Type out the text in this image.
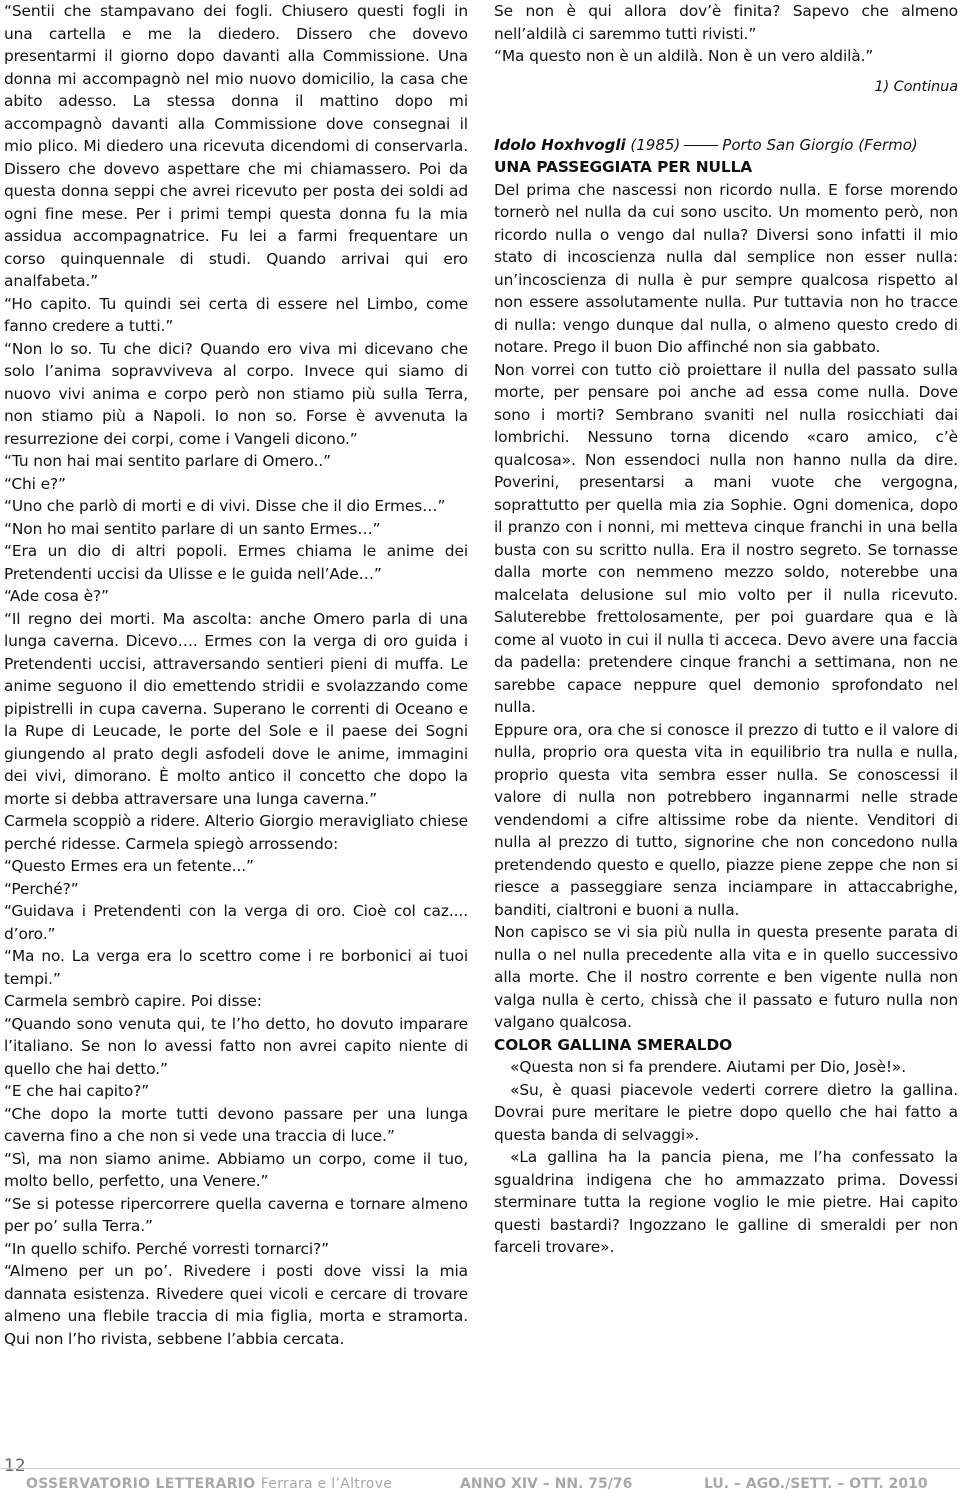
“Sentii che stampavano dei fogli. Chiusero questi fogli in una cartella e me la diedero. Dissero che dovevo presentarmi il giorno dopo davanti alla Commissione. Una donna mi accompagnò nel mio nuovo domicilio, la casa che abito adesso. La stessa donna il mattino dopo mi accompagnò davanti alla Commissione dove consegnai il mio plico. Mi diedero una ricevuta dicendomi di conservarla. Dissero che dovevo aspettare che mi chiamassero. Poi da questa donna seppi che avrei ricevuto per posta dei soldi ad ogni fine mese. Per i primi tempi questa donna fu la mia assidua accompagnatrice. Fu lei a farmi frequentare un corso quinquennale di studi. Quando arrivai qui ero analfabeta.”

“Ho capito. Tu quindi sei certa di essere nel Limbo, come fanno credere a tutti.”

“Non lo so. Tu che dici? Quando ero viva mi dicevano che solo l’anima sopravviveva al corpo. Invece qui siamo di nuovo vivi anima e corpo però non stiamo più sulla Terra, non stiamo più a Napoli. Io non so. Forse è avvenuta la resurrezione dei corpi, come i Vangeli dicono.”

“Tu non hai mai sentito parlare di Omero..”

“Chi e?”

“Uno che parlò di morti e di vivi. Disse che il dio Ermes…”

“Non ho mai sentito parlare di un santo Ermes…”

“Era un dio di altri popoli. Ermes chiama le anime dei Pretendenti uccisi da Ulisse e le guida nell’Ade…”

“Ade cosa è?”

“Il regno dei morti. Ma ascolta: anche Omero parla di una lunga caverna. Dicevo…. Ermes con la verga di oro guida i Pretendenti uccisi, attraversando sentieri pieni di muffa. Le anime seguono il dio emettendo stridii e svolazzando come pipistrelli in cupa caverna. Superano le correnti di Oceano e la Rupe di Leucade, le porte del Sole e il paese dei Sogni giungendo al prato degli asfodeli dove le anime, immagini dei vivi, dimorano. È molto antico il concetto che dopo la morte si debba attraversare una lunga caverna.”

Carmela scoppiò a ridere. Alterio Giorgio meravigliato chiese perché ridesse. Carmela spiegò arrossendo:

“Questo Ermes era un fetente...”

“Perché?”

“Guidava i Pretendenti con la verga di oro. Cioè col caz.... d’oro.”

“Ma no. La verga era lo scettro come i re borbonici ai tuoi tempi.”

Carmela sembrò capire. Poi disse:

“Quando sono venuta qui, te l’ho detto, ho dovuto imparare l’italiano. Se non lo avessi fatto non avrei capito niente di quello che hai detto.”

“E che hai capito?”

“Che dopo la morte tutti devono passare per una lunga caverna fino a che non si vede una traccia di luce.”

“Sì, ma non siamo anime. Abbiamo un corpo, come il tuo, molto bello, perfetto, una Venere.”

“Se si potesse ripercorrere quella caverna e tornare almeno per po’ sulla Terra.”

“In quello schifo. Perché vorresti tornarci?”

“Almeno per un po’. Rivedere i posti dove vissi la mia dannata esistenza. Rivedere quei vicoli e cercare di trovare almeno una flebile traccia di mia figlia, morta e stramorta. Qui non l’ho rivista, sebbene l’abbia cercata.

Se non è qui allora dov’è finita? Sapevo che almeno nell’aldilà ci saremmo tutti rivisti.”

“Ma questo non è un aldilà. Non è un vero aldilà.”

1) Continua

Idolo Hoxhvogli (1985)	Porto San Giorgio (Fermo)

UNA PASSEGGIATA PER NULLA

Del prima che nascessi non ricordo nulla. E forse morendo tornerò nel nulla da cui sono uscito. Un momento però, non ricordo nulla o vengo dal nulla? Diversi sono infatti il mio stato di incoscienza nulla dal semplice non esser nulla: un’incoscienza di nulla è pur sempre qualcosa rispetto al non essere assolutamente nulla. Pur tuttavia non ho tracce di nulla: vengo dunque dal nulla, o almeno questo credo di notare. Prego il buon Dio affinché non sia gabbato.

Non vorrei con tutto ciò proiettare il nulla del passato sulla morte, per pensare poi anche ad essa come nulla. Dove sono i morti? Sembrano svaniti nel nulla rosicchiati dai lombrichi. Nessuno torna dicendo «caro amico, c’è qualcosa». Non essendoci nulla non hanno nulla da dire. Poverini, presentarsi a mani vuote che vergogna, soprattutto per quella mia zia Sophie. Ogni domenica, dopo il pranzo con i nonni, mi metteva cinque franchi in una bella busta con su scritto nulla. Era il nostro segreto. Se tornasse dalla morte con nemmeno mezzo soldo, noterebbe una malcelata delusione sul mio volto per il nulla ricevuto. Saluterebbe frettolosamente, per poi guardare qua e là come al vuoto in cui il nulla ti acceca. Devo avere una faccia da padella: pretendere cinque franchi a settimana, non ne sarebbe capace neppure quel demonio sprofondato nel nulla.

Eppure ora, ora che si conosce il prezzo di tutto e il valore di nulla, proprio ora questa vita in equilibrio tra nulla e nulla, proprio questa vita sembra esser nulla. Se conoscessi il valore di nulla non potrebbero ingannarmi nelle strade vendendomi a cifre altissime robe da niente. Venditori di nulla al prezzo di tutto, signorine che non concedono nulla pretendendo questo e quello, piazze piene zeppe che non si riesce a passeggiare senza inciampare in attaccabrighe, banditi, cialtroni e buoni a nulla.

Non capisco se vi sia più nulla in questa presente parata di nulla o nel nulla precedente alla vita e in quello successivo alla morte. Che il nostro corrente e ben vigente nulla non valga nulla è certo, chissà che il passato e futuro nulla non valgano qualcosa.

COLOR GALLINA SMERALDO

«Questa non si fa prendere. Aiutami per Dio, Josè!».

«Su, è quasi piacevole vederti correre dietro la gallina. Dovrai pure meritare le pietre dopo quello che hai fatto a questa banda di selvaggi».

«La gallina ha la pancia piena, me l’ha confessato la sgualdrina indigena che ho ammazzato prima. Dovessi sterminare tutta la regione voglio le mie pietre. Hai capito questi bastardi? Ingozzano le galline di smeraldi per non farceli trovare».

12
OSSERVATORIO LETTERARIO Ferrara e l’Altrove	ANNO XIV – NN. 75/76	LU. – AGO./SETT. – OTT. 2010
